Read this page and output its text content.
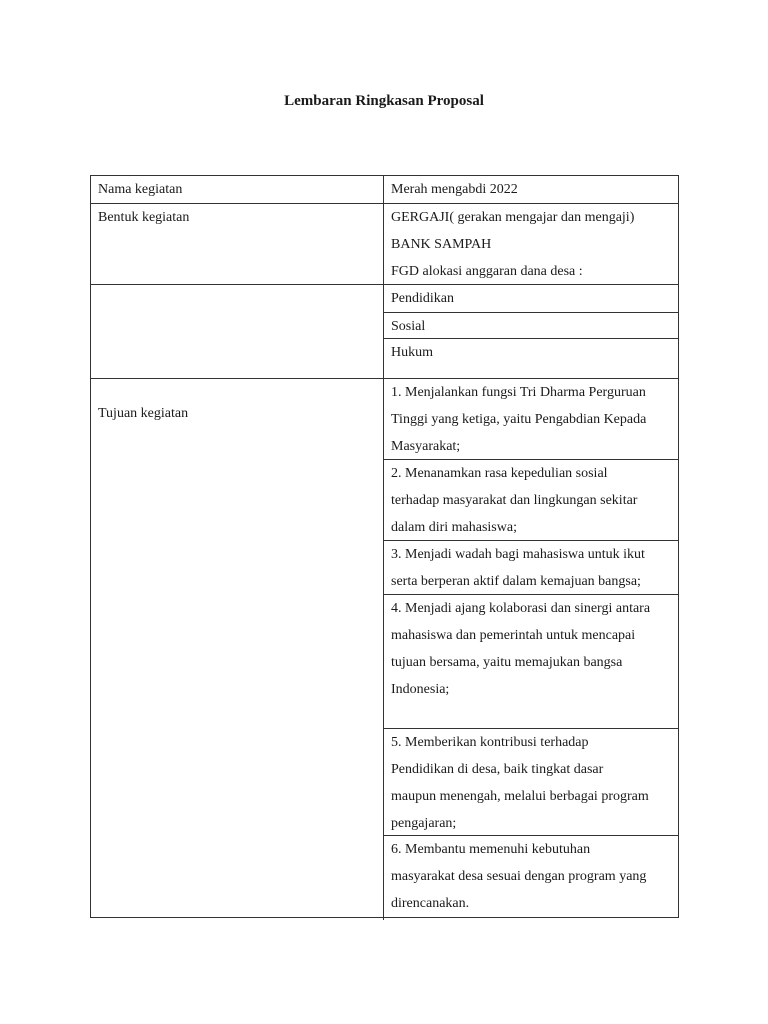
Lembaran Ringkasan Proposal
Nama kegiatan	Merah mengabdi 2022
Bentuk kegiatan	GERGAJI( gerakan mengajar dan mengaji)
BANK SAMPAH
FGD alokasi anggaran dana desa :
Pendidikan
Sosial
Hukum
Tujuan kegiatan
1. Menjalankan fungsi Tri Dharma Perguruan
Tinggi yang ketiga, yaitu Pengabdian Kepada
Masyarakat;
2. Menanamkan rasa kepedulian sosial
terhadap masyarakat dan lingkungan sekitar
dalam diri mahasiswa;
3. Menjadi wadah bagi mahasiswa untuk ikut
serta berperan aktif dalam kemajuan bangsa;
4. Menjadi ajang kolaborasi dan sinergi antara
mahasiswa dan pemerintah untuk mencapai
tujuan bersama, yaitu memajukan bangsa
Indonesia;
5. Memberikan kontribusi terhadap
Pendidikan di desa, baik tingkat dasar
maupun menengah, melalui berbagai program
pengajaran;
6. Membantu memenuhi kebutuhan
masyarakat desa sesuai dengan program yang
direncanakan.
